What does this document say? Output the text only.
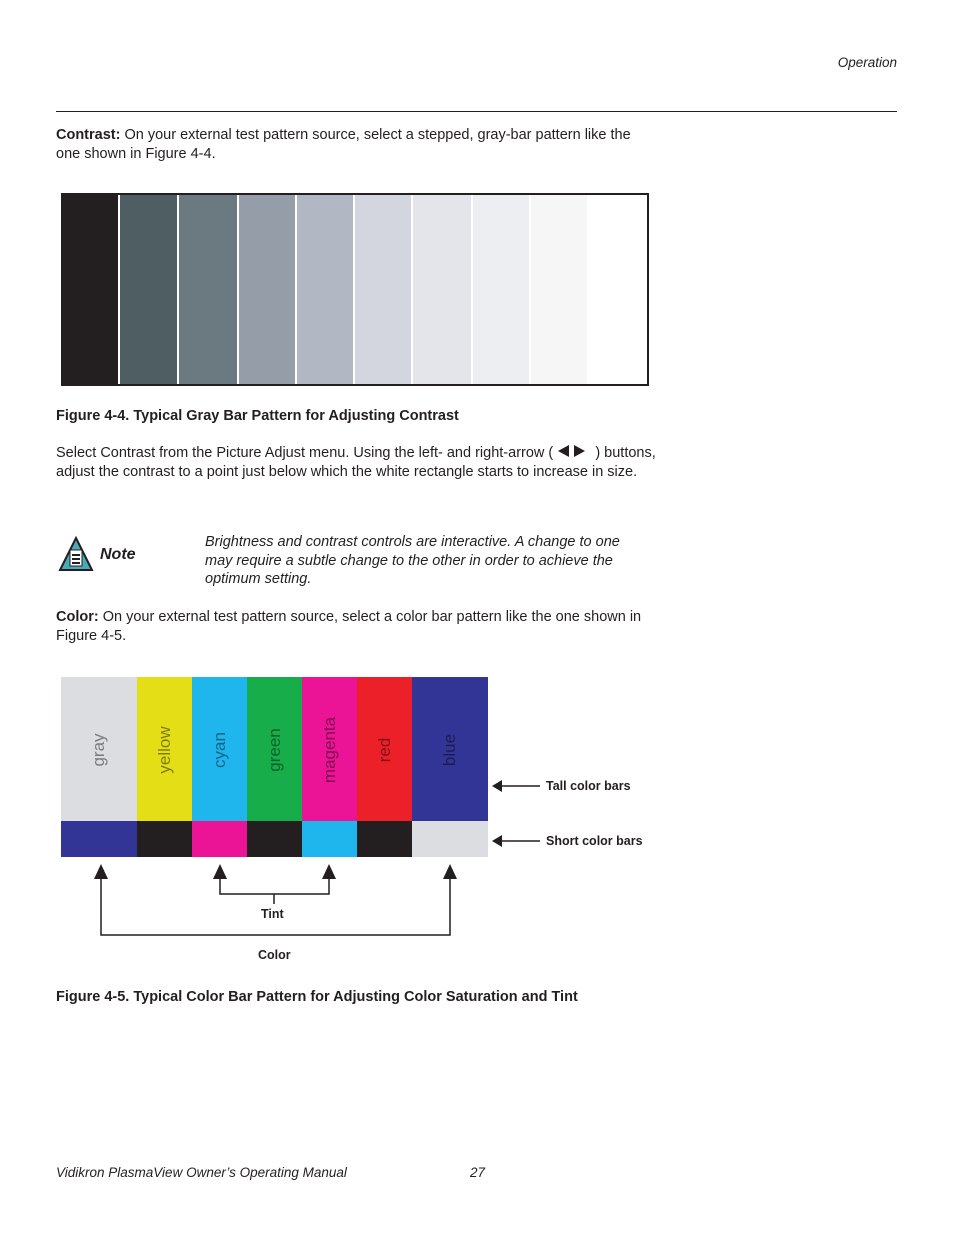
Operation

Contrast: On your external test pattern source, select a stepped, gray-bar pattern like the one shown in Figure 4-4.

Figure 4-4. Typical Gray Bar Pattern for Adjusting Contrast

Select Contrast from the Picture Adjust menu. Using the left- and right-arrow (	) buttons, adjust the contrast to a point just below which the white rectangle starts to increase in size.

Note
Brightness and contrast controls are interactive. A change to one may require a subtle change to the other in order to achieve the optimum setting.

Color: On your external test pattern source, select a color bar pattern like the one shown in Figure 4-5.

gray	yellow cyan green magenta red	blue
Tall color bars
Short color bars
Tint
Color
Figure 4-5. Typical Color Bar Pattern for Adjusting Color Saturation and Tint
Vidikron PlasmaView Owner’s Operating Manual	27
